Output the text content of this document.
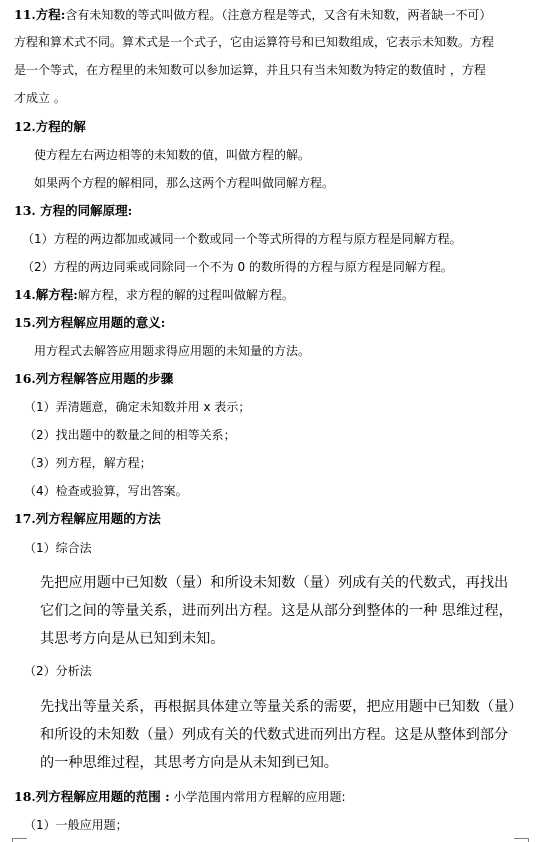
11.方程:含有未知数的等式叫做方程。（注意方程是等式，又含有未知数，两者缺一不可）
方程和算术式不同。算术式是一个式子，它由运算符号和已知数组成，它表示未知数。方程
是一个等式，在方程里的未知数可以参加运算，并且只有当未知数为特定的数值时 ，方程
才成立 。
12.方程的解
使方程左右两边相等的未知数的值，叫做方程的解。
如果两个方程的解相同，那么这两个方程叫做同解方程。
13. 方程的同解原理:
（1）方程的两边都加或减同一个数或同一个等式所得的方程与原方程是同解方程。
（2）方程的两边同乘或同除同一个不为 0 的数所得的方程与原方程是同解方程。
14.解方程:解方程，求方程的解的过程叫做解方程。
15.列方程解应用题的意义:
用方程式去解答应用题求得应用题的未知量的方法。
16.列方程解答应用题的步骤
（1）弄清题意，确定未知数并用 x 表示；
（2）找出题中的数量之间的相等关系；
（3）列方程，解方程；
（4）检查或验算，写出答案。
17.列方程解应用题的方法
（1）综合法
先把应用题中已知数（量）和所设未知数（量）列成有关的代数式，再找出
它们之间的等量关系，进而列出方程。这是从部分到整体的一种 思维过程，
其思考方向是从已知到未知。
（2）分析法
先找出等量关系，再根据具体建立等量关系的需要，把应用题中已知数（量）
和所设的未知数（量）列成有关的代数式进而列出方程。这是从整体到部分
的一种思维过程，其思考方向是从未知到已知。
18.列方程解应用题的范围 : 小学范围内常用方程解的应用题:
（1）一般应用题；
